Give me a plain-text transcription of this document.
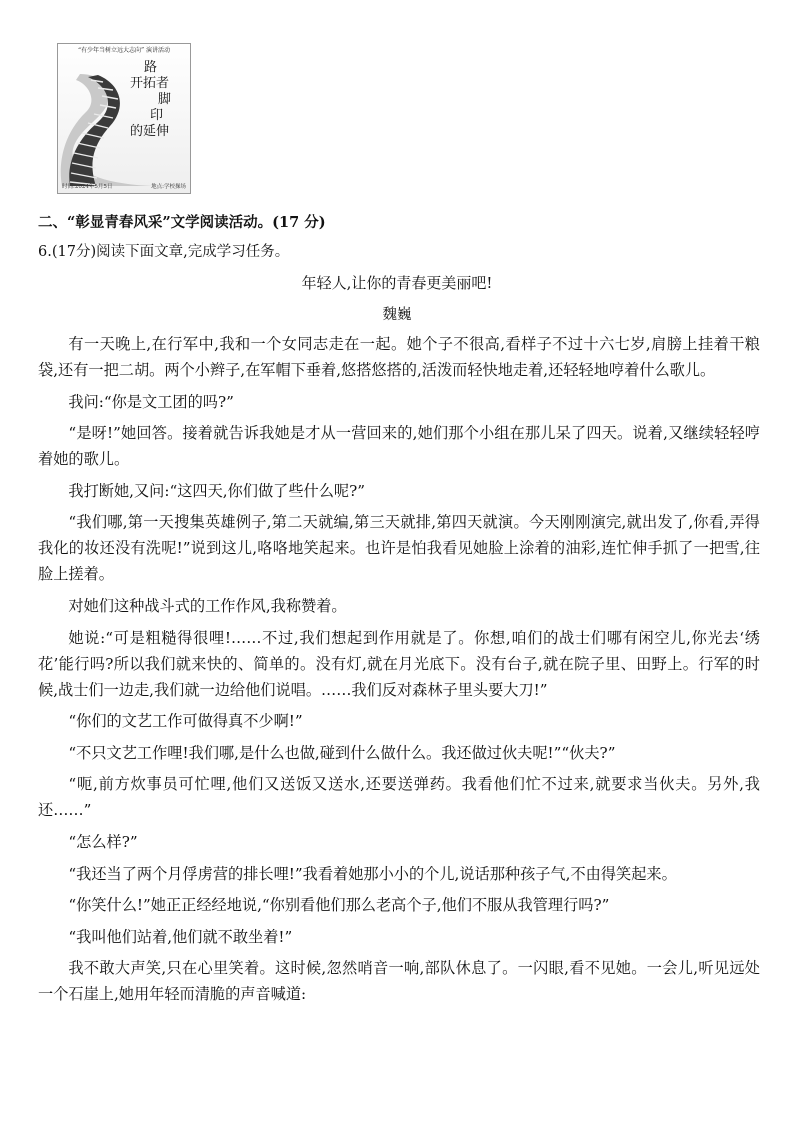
“有少年当树立远大志向” 演讲活动
路
开拓者
脚
印
的延伸
时间:2024年5月5日	地点:学校操场
二、“彰显青春风采”文学阅读活动。(17 分)
6.(17分)阅读下面文章,完成学习任务。
年轻人,让你的青春更美丽吧!
魏巍

有一天晚上,在行军中,我和一个女同志走在一起。她个子不很高,看样子不过十六七岁,肩膀上挂着干粮袋,还有一把二胡。两个小辫子,在军帽下垂着,悠搭悠搭的,活泼而轻快地走着,还轻轻地哼着什么歌儿。

我问:“你是文工团的吗?”

“是呀!”她回答。接着就告诉我她是才从一营回来的,她们那个小组在那儿呆了四天。说着,又继续轻轻哼着她的歌儿。

我打断她,又问:“这四天,你们做了些什么呢?”

“我们哪,第一天搜集英雄例子,第二天就编,第三天就排,第四天就演。今天刚刚演完,就出发了,你看,弄得我化的妆还没有洗呢!”说到这儿,咯咯地笑起来。也许是怕我看见她脸上涂着的油彩,连忙伸手抓了一把雪,往脸上搓着。

对她们这种战斗式的工作作风,我称赞着。

她说:“可是粗糙得很哩!……不过,我们想起到作用就是了。你想,咱们的战士们哪有闲空儿,你光去‘绣花’能行吗?所以我们就来快的、简单的。没有灯,就在月光底下。没有台子,就在院子里、田野上。行军的时候,战士们一边走,我们就一边给他们说唱。……我们反对森林子里头要大刀!”

“你们的文艺工作可做得真不少啊!”

“不只文艺工作哩!我们哪,是什么也做,碰到什么做什么。我还做过伙夫呢!”“伙夫?”

“呃,前方炊事员可忙哩,他们又送饭又送水,还要送弹药。我看他们忙不过来,就要求当伙夫。另外,我还……”

“怎么样?”

“我还当了两个月俘虏营的排长哩!”我看着她那小小的个儿,说话那种孩子气,不由得笑起来。

“你笑什么!”她正正经经地说,“你别看他们那么老高个子,他们不服从我管理行吗?”

“我叫他们站着,他们就不敢坐着!”

我不敢大声笑,只在心里笑着。这时候,忽然哨音一响,部队休息了。一闪眼,看不见她。一会儿,听见远处一个石崖上,她用年轻而清脆的声音喊道:
